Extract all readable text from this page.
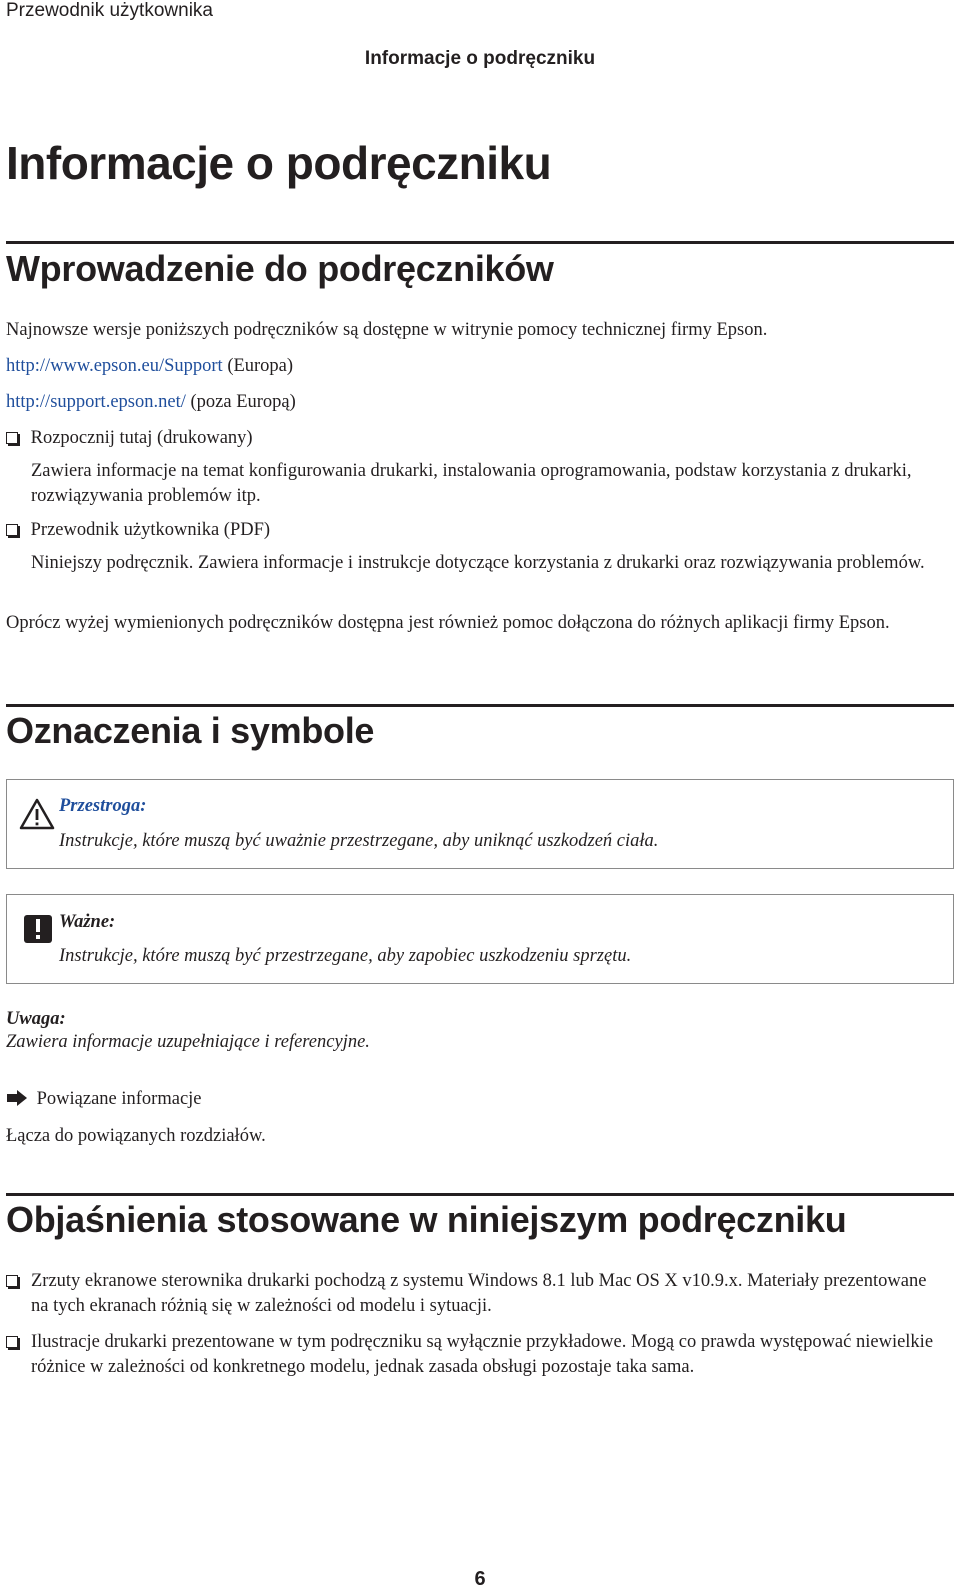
Przewodnik użytkownika
Informacje o podręczniku
Informacje o podręczniku
Wprowadzenie do podręczników
Najnowsze wersje poniższych podręczników są dostępne w witrynie pomocy technicznej firmy Epson.
http://www.epson.eu/Support (Europa)
http://support.epson.net/ (poza Europą)
Rozpocznij tutaj (drukowany)
Zawiera informacje na temat konfigurowania drukarki, instalowania oprogramowania, podstaw korzystania z drukarki, rozwiązywania problemów itp.
Przewodnik użytkownika (PDF)
Niniejszy podręcznik. Zawiera informacje i instrukcje dotyczące korzystania z drukarki oraz rozwiązywania problemów.
Oprócz wyżej wymienionych podręczników dostępna jest również pomoc dołączona do różnych aplikacji firmy Epson.
Oznaczenia i symbole
Przestroga:
Instrukcje, które muszą być uważnie przestrzegane, aby uniknąć uszkodzeń ciała.
Ważne:
Instrukcje, które muszą być przestrzegane, aby zapobiec uszkodzeniu sprzętu.
Uwaga:
Zawiera informacje uzupełniające i referencyjne.
Powiązane informacje
Łącza do powiązanych rozdziałów.
Objaśnienia stosowane w niniejszym podręczniku
Zrzuty ekranowe sterownika drukarki pochodzą z systemu Windows 8.1 lub Mac OS X v10.9.x. Materiały prezentowane na tych ekranach różnią się w zależności od modelu i sytuacji.
Ilustracje drukarki prezentowane w tym podręczniku są wyłącznie przykładowe. Mogą co prawda występować niewielkie różnice w zależności od konkretnego modelu, jednak zasada obsługi pozostaje taka sama.
6
